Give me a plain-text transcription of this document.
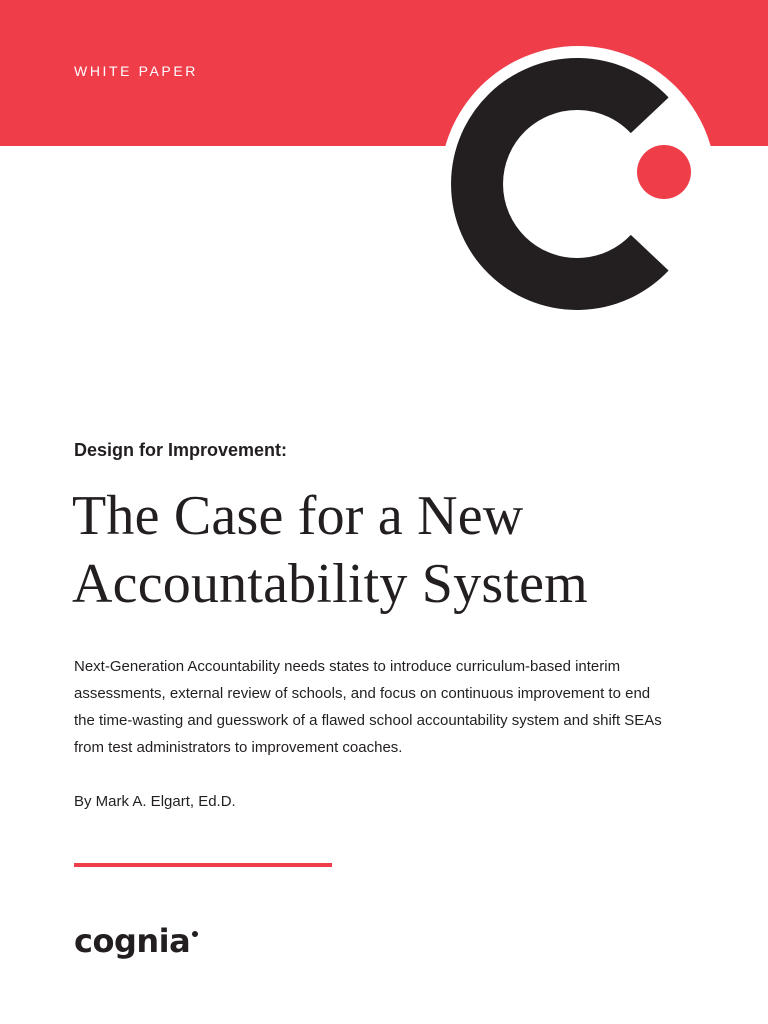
WHITE PAPER
Design for Improvement:
The Case for a New
Accountability System

Next-Generation Accountability needs states to introduce curriculum-based interim
assessments, external review of schools, and focus on continuous improvement to end
the time-wasting and guesswork of a flawed school accountability system and shift SEAs
from test administrators to improvement coaches.

By Mark A. Elgart, Ed.D.
cognia
